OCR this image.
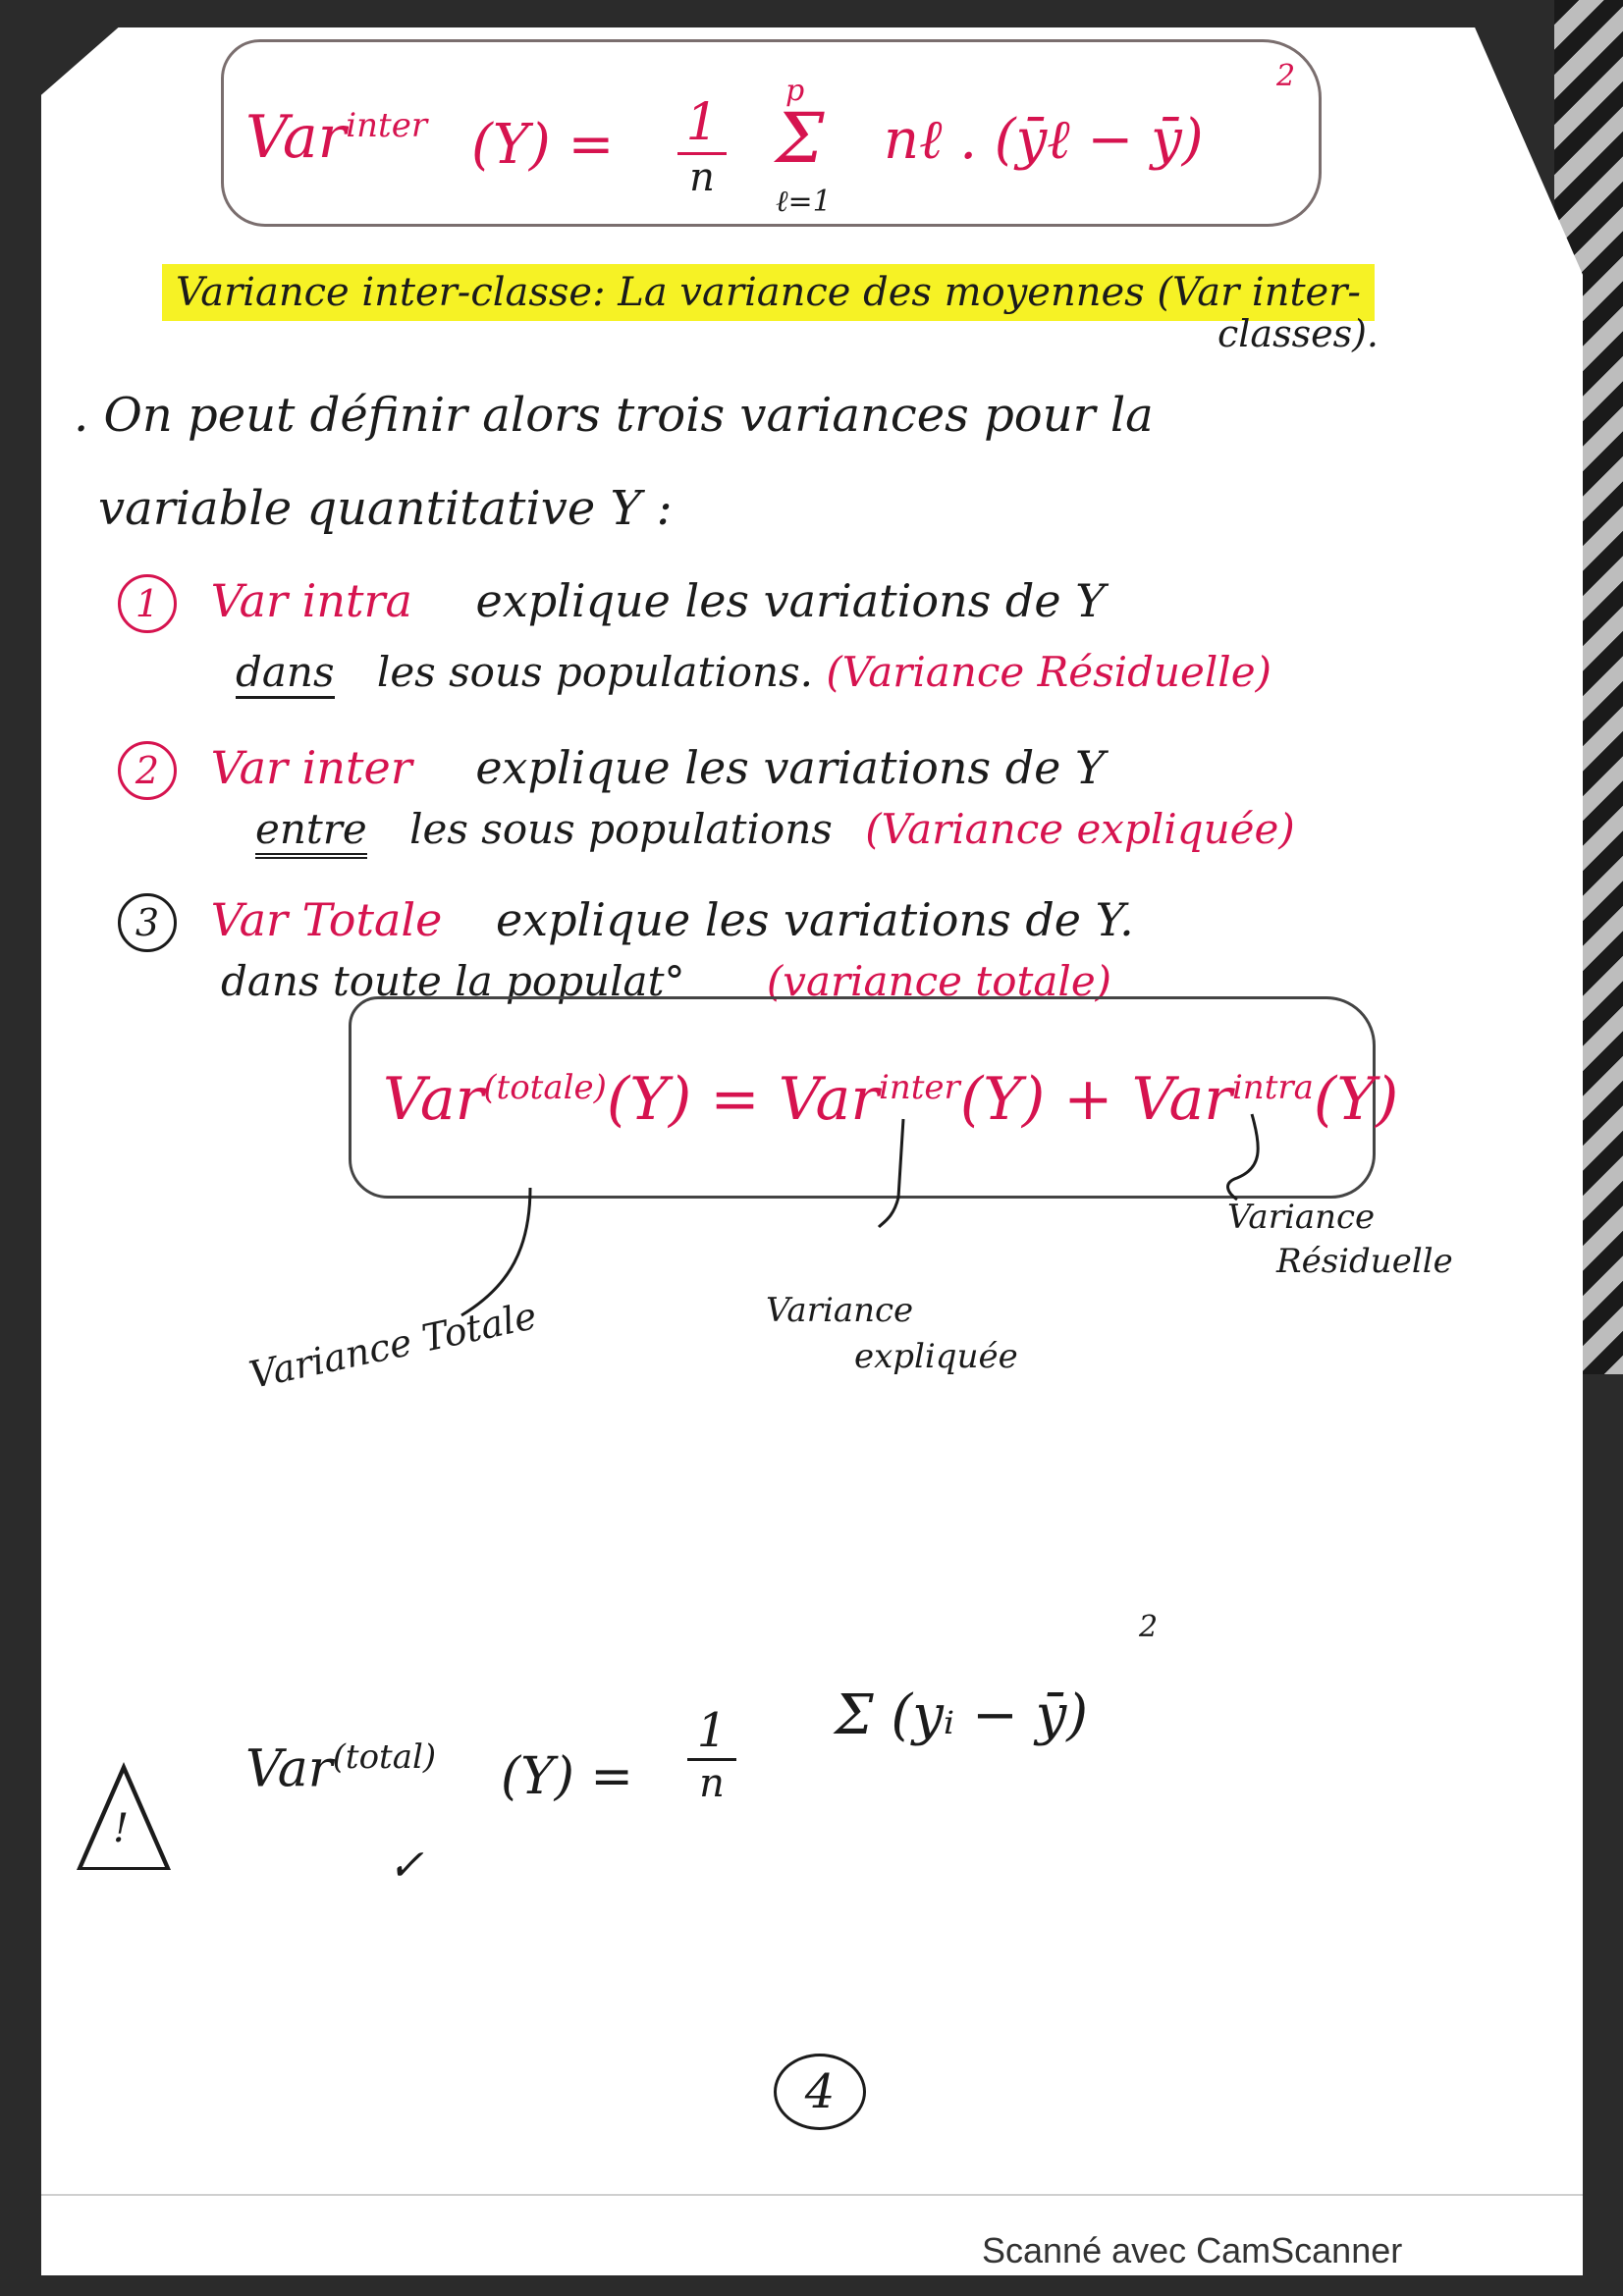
Var$^{inter}$ (Y) = 1
n
p
Σ
ℓ=1
nℓ . (ȳℓ − ȳ)
2
Variance inter-classe: La variance des moyennes (Var inter-
classes).
. On peut définir alors trois variances pour la
variable quantitative Y :
1 Var intra explique les variations de Y
dans les sous populations. (Variance Résiduelle)
2 Var inter explique les variations de Y
entre les sous populations (Variance expliquée)
3 Var Totale explique les variations de Y.
dans toute la populat° (variance totale)
Var$^{(totale)}$(Y) = Var$^{inter}$(Y) + Var$^{intra}$(Y)
Variance
Résiduelle
Variance
expliquée
Variance Totale
!
Var$^{(total)}$ (Y) =
1
n
Σ (yᵢ − ȳ)
2
✓
4
Scanné avec CamScanner
